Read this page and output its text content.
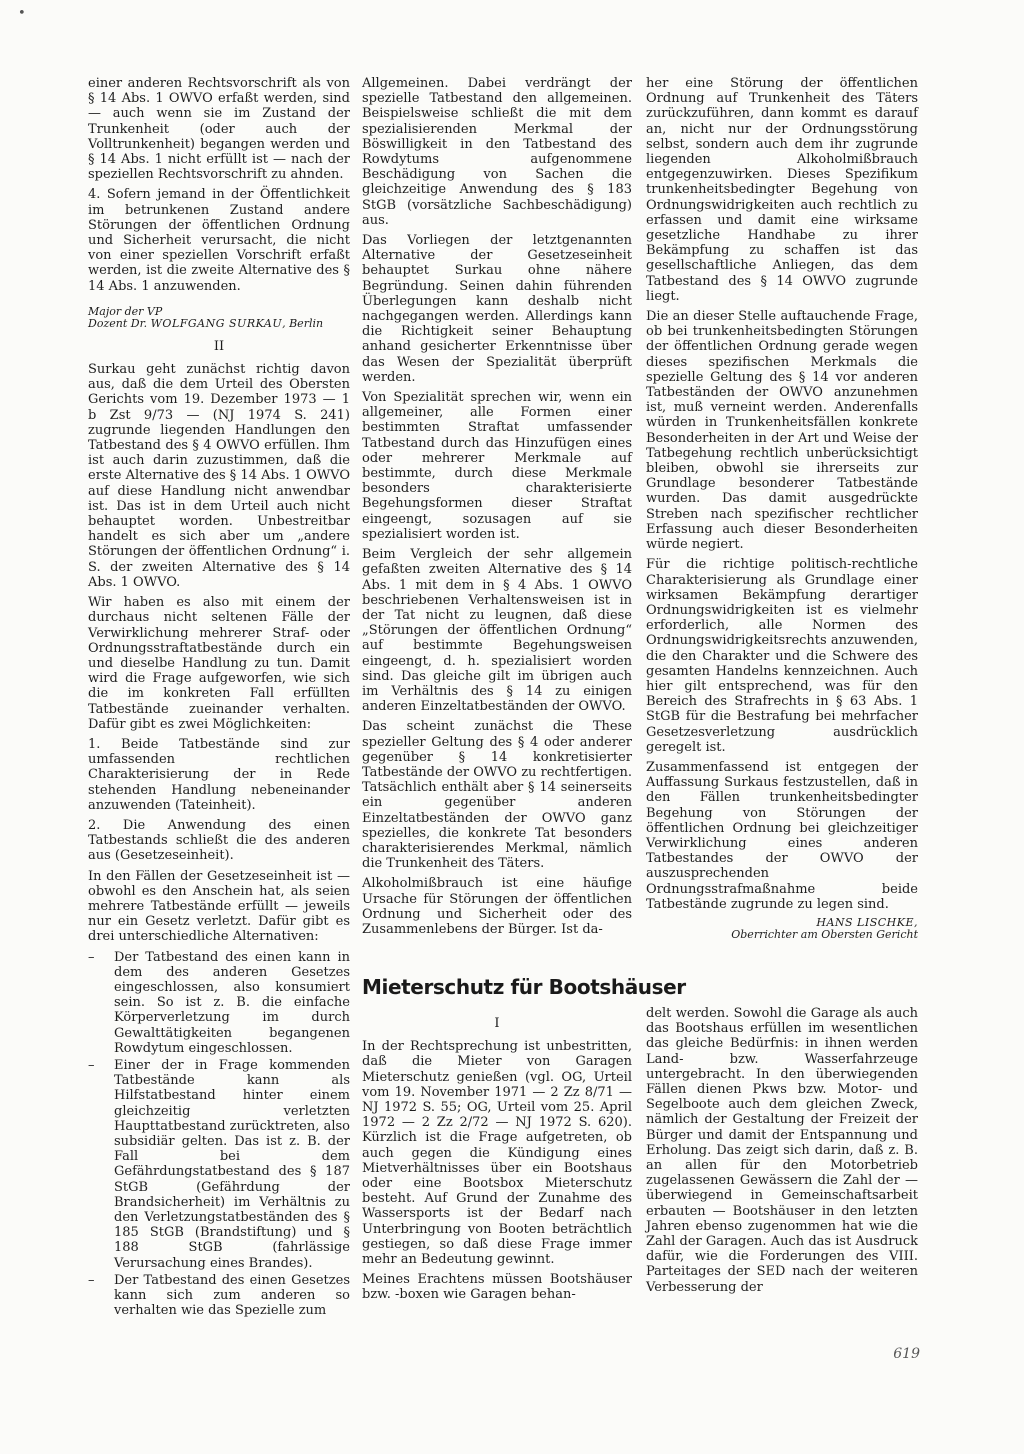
•

einer anderen Rechtsvorschrift als von § 14 Abs. 1 OWVO erfaßt werden, sind — auch wenn sie im Zustand der Trunkenheit (oder auch der Volltrunkenheit) begangen werden und § 14 Abs. 1 nicht erfüllt ist — nach der speziellen Rechtsvorschrift zu ahnden.

4. Sofern jemand in der Öffentlichkeit im betrunkenen Zustand andere Störungen der öffentlichen Ordnung und Sicherheit verursacht, die nicht von einer speziellen Vorschrift erfaßt werden, ist die zweite Alternative des § 14 Abs. 1 anzuwenden.

Major der VP
Dozent Dr. WOLFGANG SURKAU, Berlin
II

Surkau geht zunächst richtig davon aus, daß die dem Urteil des Obersten Gerichts vom 19. Dezember 1973 — 1 b Zst 9/73 — (NJ 1974 S. 241) zugrunde liegenden Handlungen den Tatbestand des § 4 OWVO erfüllen. Ihm ist auch darin zuzustimmen, daß die erste Alternative des § 14 Abs. 1 OWVO auf diese Handlung nicht anwendbar ist. Das ist in dem Urteil auch nicht behauptet worden. Unbestreitbar handelt es sich aber um „andere Störungen der öffentlichen Ordnung“ i. S. der zweiten Alternative des § 14 Abs. 1 OWVO.

Wir haben es also mit einem der durchaus nicht seltenen Fälle der Verwirklichung mehrerer Straf- oder Ordnungsstraftatbestände durch ein und dieselbe Handlung zu tun. Damit wird die Frage aufgeworfen, wie sich die im konkreten Fall erfüllten Tatbestände zueinander verhalten. Dafür gibt es zwei Möglichkeiten:

1. Beide Tatbestände sind zur umfassenden rechtlichen Charakterisierung der in Rede stehenden Handlung nebeneinander anzuwenden (Tateinheit).

2. Die Anwendung des einen Tatbestands schließt die des anderen aus (Gesetzeseinheit).

In den Fällen der Gesetzeseinheit ist — obwohl es den Anschein hat, als seien mehrere Tatbestände erfüllt — jeweils nur ein Gesetz verletzt. Dafür gibt es drei unterschiedliche Alternativen:

– Der Tatbestand des einen kann in dem des anderen Gesetzes eingeschlossen, also konsumiert sein. So ist z. B. die einfache Körperverletzung im durch Gewalttätigkeiten begangenen Rowdytum eingeschlossen.
– Einer der in Frage kommenden Tatbestände kann als Hilfstatbestand hinter einem gleichzeitig verletzten Haupttatbestand zurücktreten, also subsidiär gelten. Das ist z. B. der Fall bei dem Gefährdungstatbestand des § 187 StGB (Gefährdung der Brandsicherheit) im Verhältnis zu den Verletzungstatbeständen des § 185 StGB (Brandstiftung) und § 188 StGB (fahrlässige Verursachung eines Brandes).
– Der Tatbestand des einen Gesetzes kann sich zum anderen so verhalten wie das Spezielle zum

Allgemeinen. Dabei verdrängt der spezielle Tatbestand den allgemeinen. Beispielsweise schließt die mit dem spezialisierenden Merkmal der Böswilligkeit in den Tatbestand des Rowdytums aufgenommene Beschädigung von Sachen die gleichzeitige Anwendung des § 183 StGB (vorsätzliche Sachbeschädigung) aus.

Das Vorliegen der letztgenannten Alternative der Gesetzeseinheit behauptet Surkau ohne nähere Begründung. Seinen dahin führenden Überlegungen kann deshalb nicht nachgegangen werden. Allerdings kann die Richtigkeit seiner Behauptung anhand gesicherter Erkenntnisse über das Wesen der Spezialität überprüft werden.

Von Spezialität sprechen wir, wenn ein allgemeiner, alle Formen einer bestimmten Straftat umfassender Tatbestand durch das Hinzufügen eines oder mehrerer Merkmale auf bestimmte, durch diese Merkmale besonders charakterisierte Begehungsformen dieser Straftat eingeengt, sozusagen auf sie spezialisiert worden ist.

Beim Vergleich der sehr allgemein gefaßten zweiten Alternative des § 14 Abs. 1 mit dem in § 4 Abs. 1 OWVO beschriebenen Verhaltensweisen ist in der Tat nicht zu leugnen, daß diese „Störungen der öffentlichen Ordnung“ auf bestimmte Begehungsweisen eingeengt, d. h. spezialisiert worden sind. Das gleiche gilt im übrigen auch im Verhältnis des § 14 zu einigen anderen Einzeltatbeständen der OWVO.

Das scheint zunächst die These spezieller Geltung des § 4 oder anderer gegenüber § 14 konkretisierter Tatbestände der OWVO zu rechtfertigen. Tatsächlich enthält aber § 14 seinerseits ein gegenüber anderen Einzeltatbeständen der OWVO ganz spezielles, die konkrete Tat besonders charakterisierendes Merkmal, nämlich die Trunkenheit des Täters.

Alkoholmißbrauch ist eine häufige Ursache für Störungen der öffentlichen Ordnung und Sicherheit oder des Zusammenlebens der Bürger. Ist da-

her eine Störung der öffentlichen Ordnung auf Trunkenheit des Täters zurückzuführen, dann kommt es darauf an, nicht nur der Ordnungsstörung selbst, sondern auch dem ihr zugrunde liegenden Alkoholmißbrauch entgegenzuwirken. Dieses Spezifikum trunkenheitsbedingter Begehung von Ordnungswidrigkeiten auch rechtlich zu erfassen und damit eine wirksame gesetzliche Handhabe zu ihrer Bekämpfung zu schaffen ist das gesellschaftliche Anliegen, das dem Tatbestand des § 14 OWVO zugrunde liegt.

Die an dieser Stelle auftauchende Frage, ob bei trunkenheitsbedingten Störungen der öffentlichen Ordnung gerade wegen dieses spezifischen Merkmals die spezielle Geltung des § 14 vor anderen Tatbeständen der OWVO anzunehmen ist, muß verneint werden. Anderenfalls würden in Trunkenheitsfällen konkrete Besonderheiten in der Art und Weise der Tatbegehung rechtlich unberücksichtigt bleiben, obwohl sie ihrerseits zur Grundlage besonderer Tatbestände wurden. Das damit ausgedrückte Streben nach spezifischer rechtlicher Erfassung auch dieser Besonderheiten würde negiert.

Für die richtige politisch-rechtliche Charakterisierung als Grundlage einer wirksamen Bekämpfung derartiger Ordnungswidrigkeiten ist es vielmehr erforderlich, alle Normen des Ordnungswidrigkeitsrechts anzuwenden, die den Charakter und die Schwere des gesamten Handelns kennzeichnen. Auch hier gilt entsprechend, was für den Bereich des Strafrechts in § 63 Abs. 1 StGB für die Bestrafung bei mehrfacher Gesetzesverletzung ausdrücklich geregelt ist.

Zusammenfassend ist entgegen der Auffassung Surkaus festzustellen, daß in den Fällen trunkenheitsbedingter Begehung von Störungen der öffentlichen Ordnung bei gleichzeitiger Verwirklichung eines anderen Tatbestandes der OWVO der auszusprechenden Ordnungsstrafmaßnahme beide Tatbestände zugrunde zu legen sind.

HANS LISCHKE,
Oberrichter am Obersten Gericht
Mieterschutz für Bootshäuser
I

In der Rechtsprechung ist unbestritten, daß die Mieter von Garagen Mieterschutz genießen (vgl. OG, Urteil vom 19. November 1971 — 2 Zz 8/71 — NJ 1972 S. 55; OG, Urteil vom 25. April 1972 — 2 Zz 2/72 — NJ 1972 S. 620). Kürzlich ist die Frage aufgetreten, ob auch gegen die Kündigung eines Mietverhältnisses über ein Bootshaus oder eine Bootsbox Mieterschutz besteht. Auf Grund der Zunahme des Wassersports ist der Bedarf nach Unterbringung von Booten beträchtlich gestiegen, so daß diese Frage immer mehr an Bedeutung gewinnt.

Meines Erachtens müssen Bootshäuser bzw. -boxen wie Garagen behan-

delt werden. Sowohl die Garage als auch das Bootshaus erfüllen im wesentlichen das gleiche Bedürfnis: in ihnen werden Land- bzw. Wasserfahrzeuge untergebracht. In den überwiegenden Fällen dienen Pkws bzw. Motor- und Segelboote auch dem gleichen Zweck, nämlich der Gestaltung der Freizeit der Bürger und damit der Entspannung und Erholung. Das zeigt sich darin, daß z. B. an allen für den Motorbetrieb zugelassenen Gewässern die Zahl der — überwiegend in Gemeinschaftsarbeit erbauten — Bootshäuser in den letzten Jahren ebenso zugenommen hat wie die Zahl der Garagen. Auch das ist Ausdruck dafür, wie die Forderungen des VIII. Parteitages der SED nach der weiteren Verbesserung der

619
